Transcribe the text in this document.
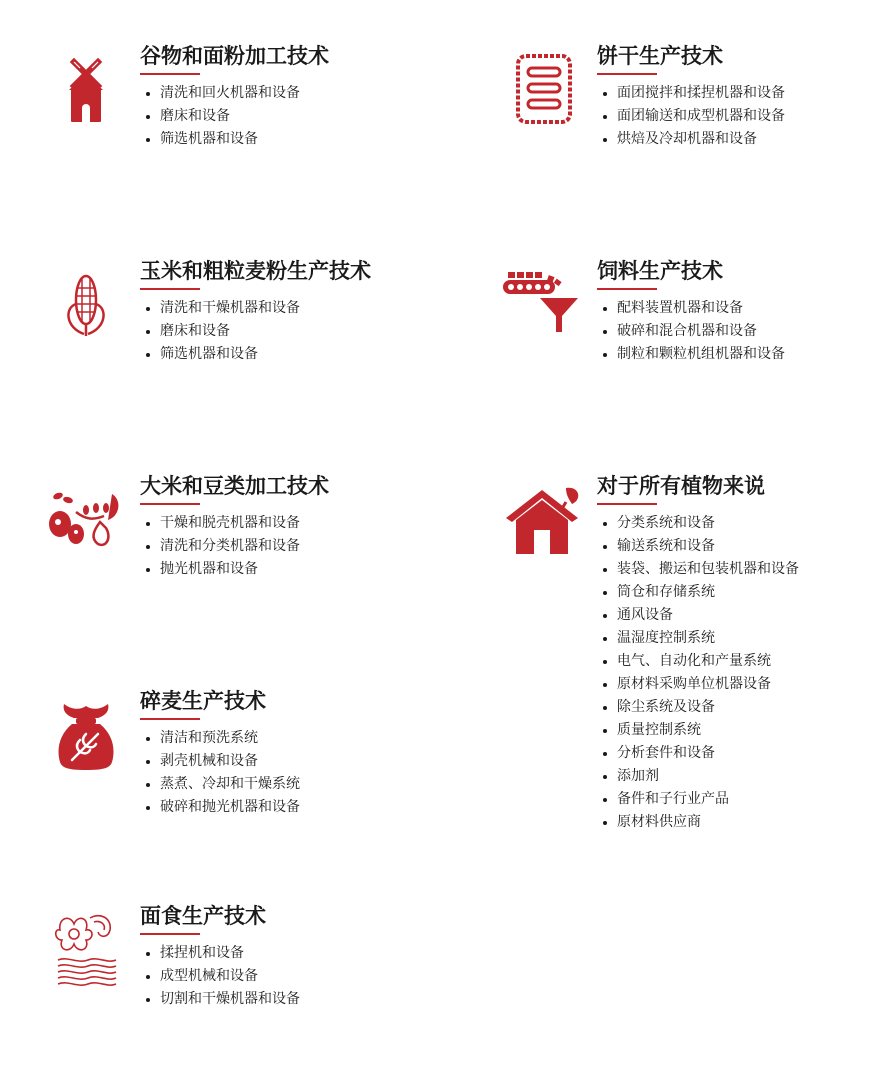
谷物和面粉加工技术
清洗和回火机器和设备
磨床和设备
筛选机器和设备
饼干生产技术
面团搅拌和揉捏机器和设备
面团输送和成型机器和设备
烘焙及冷却机器和设备
玉米和粗粒麦粉生产技术
清洗和干燥机器和设备
磨床和设备
筛选机器和设备
饲料生产技术
配料装置机器和设备
破碎和混合机器和设备
制粒和颗粒机组机器和设备
大米和豆类加工技术
干燥和脱壳机器和设备
清洗和分类机器和设备
抛光机器和设备
对于所有植物来说
分类系统和设备
输送系统和设备
装袋、搬运和包装机器和设备
筒仓和存储系统
通风设备
温湿度控制系统
电气、自动化和产量系统
原材料采购单位机器设备
除尘系统及设备
质量控制系统
分析套件和设备
添加剂
备件和子行业产品
原材料供应商
碎麦生产技术
清洁和预洗系统
剥壳机械和设备
蒸煮、冷却和干燥系统
破碎和抛光机器和设备
面食生产技术
揉捏机和设备
成型机械和设备
切割和干燥机器和设备
